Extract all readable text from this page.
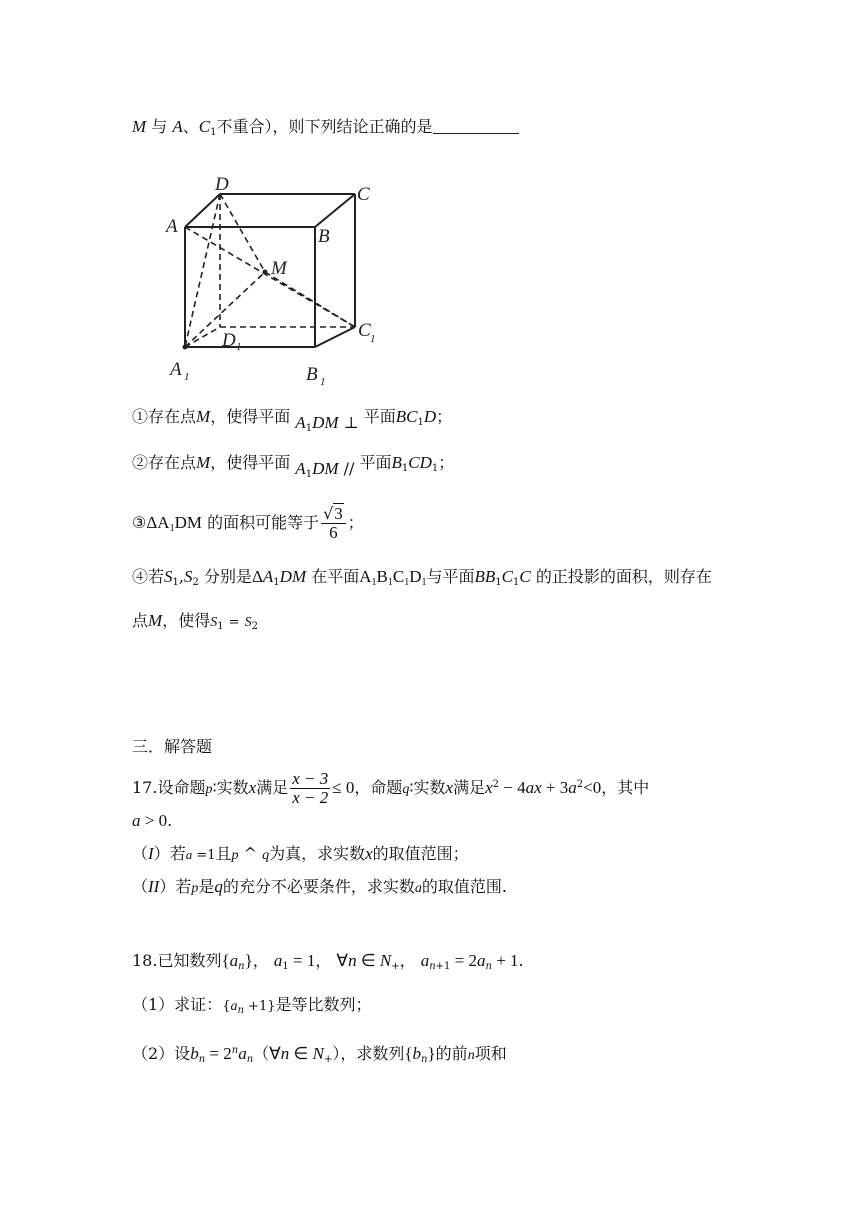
M 与 A、$C_1$不重合），则下列结论正确的是
D	C
A	B
M
C
D
A	B
1
1
1	1
①存在点M，使得平面 $A_1DM$ ⊥ 平面$BC_1D$；
②存在点M，使得平面 $A_1DM$ // 平面$B_1CD_1$；
$③\Delta A_1DM$ 的面积可能等于 $\frac{√3}{6}$ ；
④若$S_1,S_2$ 分别是$\Delta A_1DM$ 在平面$A_1B_1C_1D_1$与平面$BB_1C_1C$ 的正投影的面积，则存在
点M，使得$S_1 = S_2$
三．解答题
17.设命题p∶实数x满足 $\frac{x - 3}{x - 2} \le 0$，命题q∶实数x满足$x^2 - 4ax + 3a^2<0$，其中
a > 0.
（I）若a =1且p ^ q为真，求实数x的取值范围；
（II）若p是q的充分不必要条件，求实数a的取值范围.
18.已知数列$\{a_n\}$， $a_1 = 1$， ∀n ∈ $N_+$， $a_{n+1} = 2a_n + 1$.
（1）求证：$\{a_n +1\}$是等比数列；
（2）设$b_n$ = $2^na_n(\forall n$ ∈ $N_+$），求数列$\{b_n\}$的前n项和
